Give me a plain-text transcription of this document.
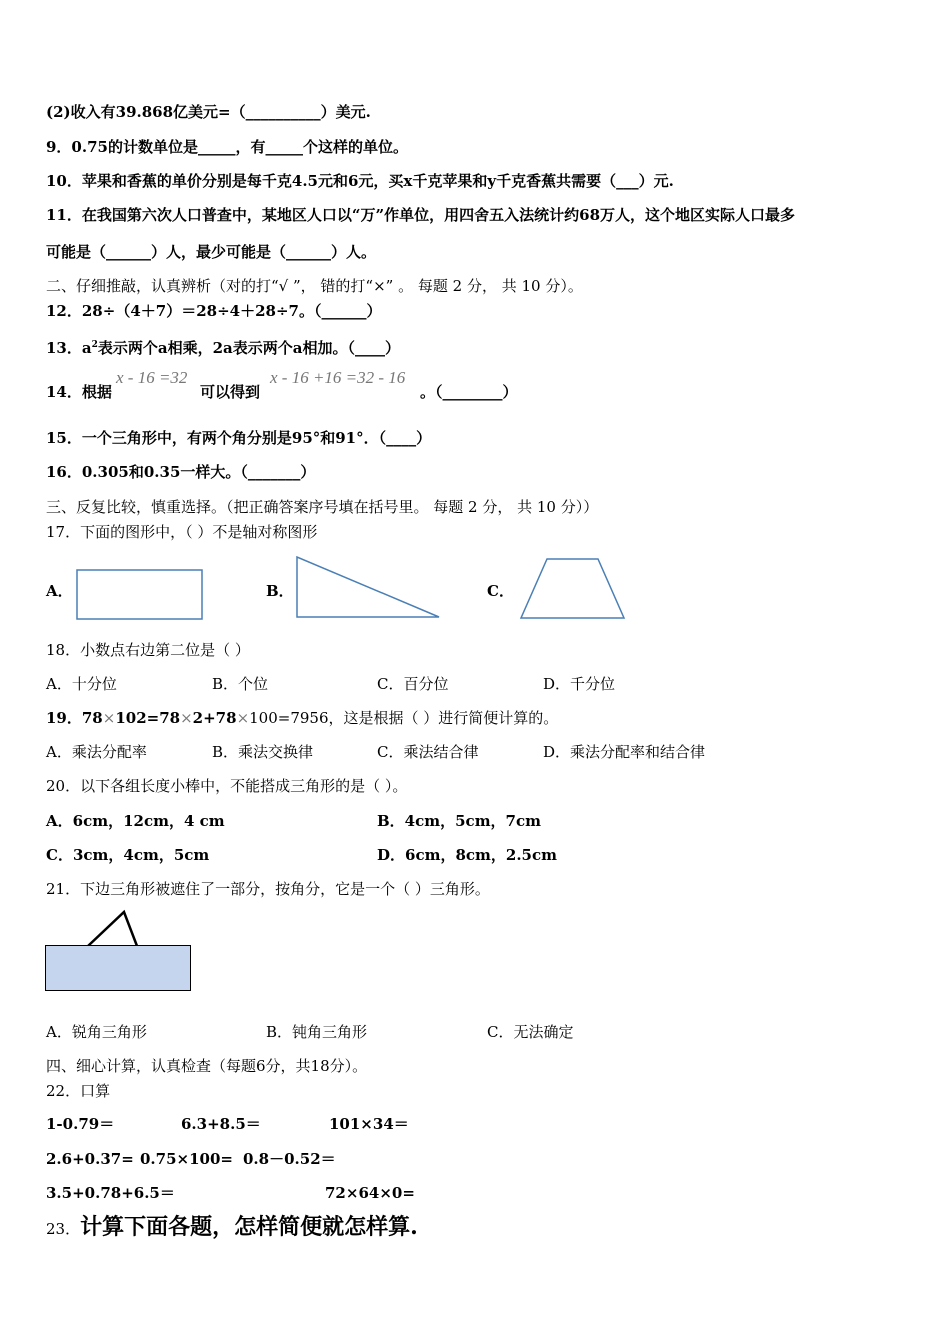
(2)收入有39.868亿美元=（__________）美元.
9．0.75的计数单位是_____，有_____个这样的单位。
10．苹果和香蕉的单价分别是每千克4.5元和6元，买x千克苹果和y千克香蕉共需要（___）元.
11．在我国第六次人口普查中，某地区人口以“万”作单位，用四舍五入法统计约68万人，这个地区实际人口最多
可能是（______）人，最少可能是（______）人。
二、仔细推敲，认真辨析（对的打“√ ”， 错的打“×” 。 每题 2 分， 共 10 分）。
12．28÷（4＋7）＝28÷4＋28÷7。（______）
13．$a^2$表示两个a相乘，2a表示两个a相加。（____）
14．根据
x - 16 =32
可以得到
x - 16 +16 =32 - 16
。（________）
15．一个三角形中，有两个角分别是95°和91°．（____）
16．0.305和0.35一样大。（_______）
三、反复比较，慎重选择。（把正确答案序号填在括号里。 每题 2 分， 共 10 分））
17．下面的图形中，（ ）不是轴对称图形
A．	B．	C．
18．小数点右边第二位是（ ）
A．十分位	B．个位	C．百分位	D．千分位
19．78×102=78×2+78×100=7956，这是根据（ ）进行简便计算的。
A．乘法分配率	B．乘法交换律	C．乘法结合律	D．乘法分配率和结合律
20．以下各组长度小棒中，不能搭成三角形的是（ ）。
A．6cm，12cm，4 cm	B．4cm，5cm，7cm
C．3cm，4cm，5cm	D．6cm，8cm，2.5cm
21．下边三角形被遮住了一部分，按角分，它是一个（ ）三角形。
A．锐角三角形	B．钝角三角形	C．无法确定
四、细心计算，认真检查（每题6分，共18分）。
22．口算
1-0.79＝	6.3+8.5＝	101×34＝
2.6+0.37= 0.75×100= 0.8－0.52＝
3.5+0.78+6.5＝	72×64×0=
23．计算下面各题，怎样简便就怎样算.
